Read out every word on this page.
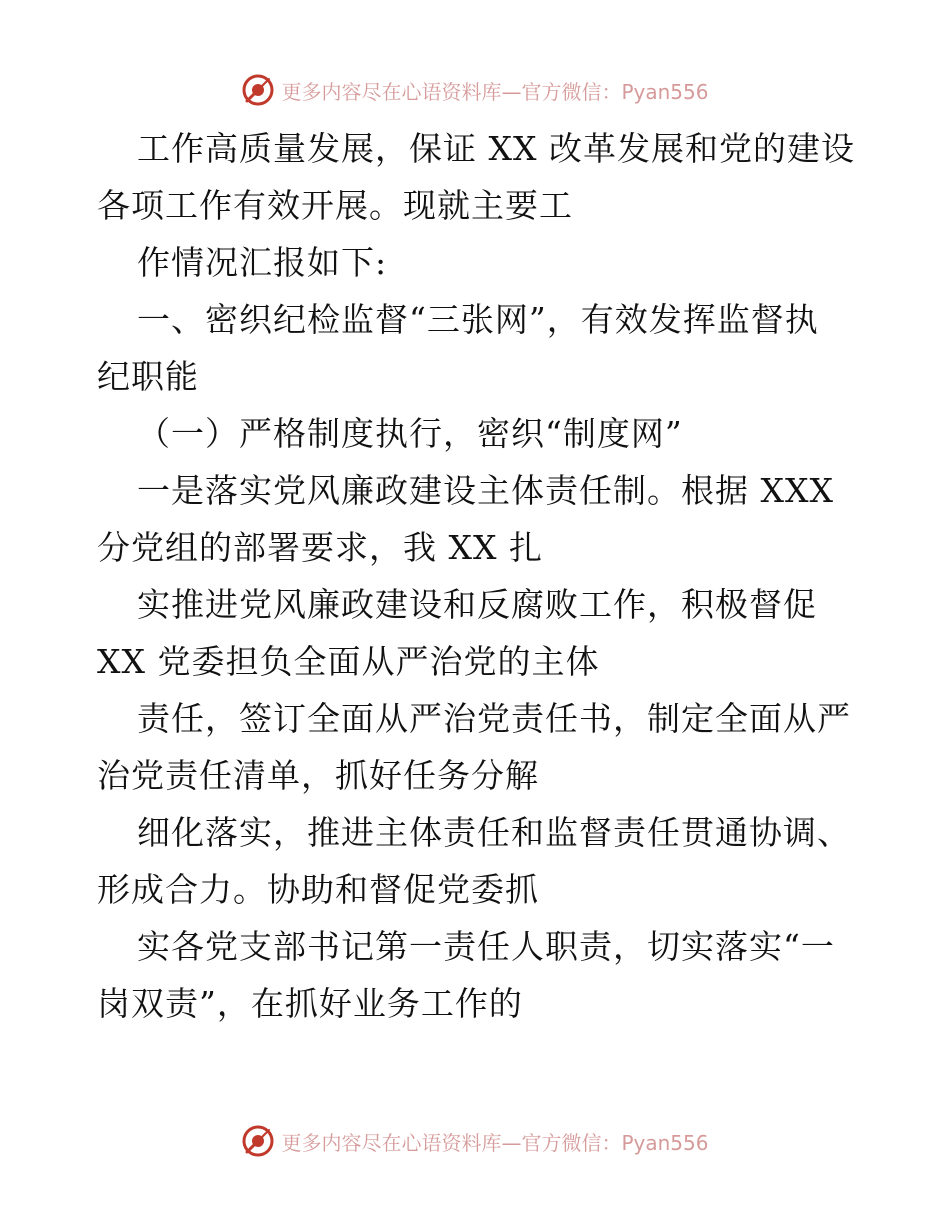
更多内容尽在心语资料库—官方微信：Pyan556
工作高质量发展，保证 XX 改革发展和党的建设
各项工作有效开展。现就主要工
作情况汇报如下:
一、密织纪检监督“三张网”，有效发挥监督执
纪职能
（一）严格制度执行，密织“制度网”
一是落实党风廉政建设主体责任制。根据 XXX
分党组的部署要求，我 XX 扎
实推进党风廉政建设和反腐败工作，积极督促
XX 党委担负全面从严治党的主体
责任，签订全面从严治党责任书，制定全面从严
治党责任清单，抓好任务分解
细化落实，推进主体责任和监督责任贯通协调、
形成合力。协助和督促党委抓
实各党支部书记第一责任人职责，切实落实“一
岗双责”，在抓好业务工作的
更多内容尽在心语资料库—官方微信：Pyan556
